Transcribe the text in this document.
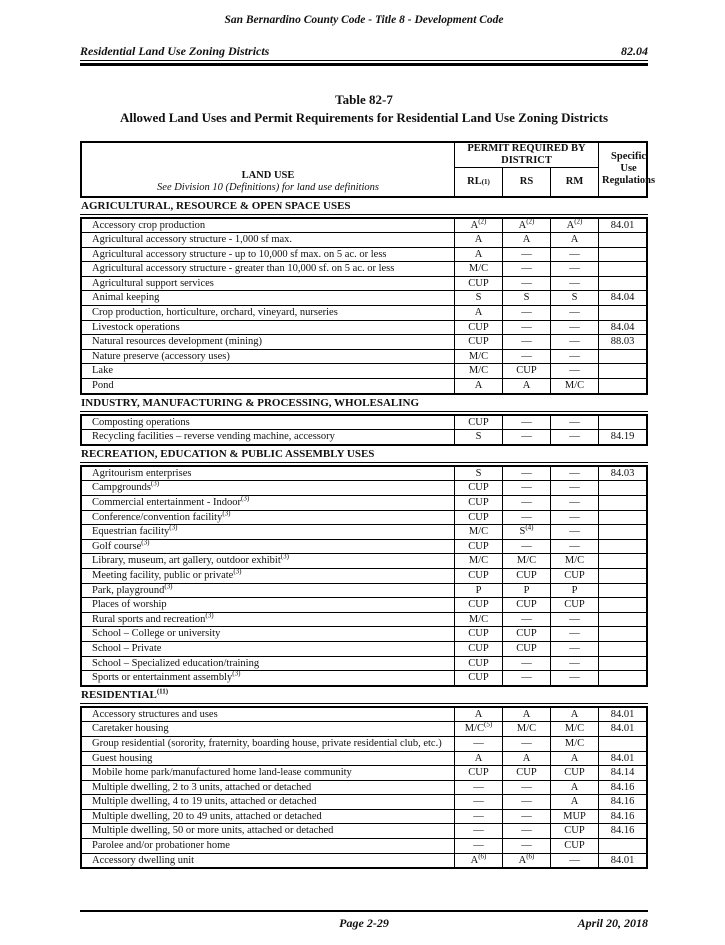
San Bernardino County Code - Title 8 - Development Code
Residential Land Use Zoning Districts	82.04
Table 82-7
Allowed Land Uses and Permit Requirements for Residential Land Use Zoning Districts
LAND USE
See Division 10 (Definitions) for land use definitions
PERMIT REQUIRED BY DISTRICT
RL (1)	RS	RM
Specific Use Regulations
AGRICULTURAL, RESOURCE & OPEN SPACE USES
Accessory crop production	$A^{(2)}$	$A^{(2)}$	$A^{(2)}$	84.01
Agricultural accessory structure - 1,000 sf max.	A	A	A
Agricultural accessory structure - up to 10,000 sf max. on 5 ac. or less	A	—	—
Agricultural accessory structure - greater than 10,000 sf. on 5 ac. or less	M/C	—	—
Agricultural support services	CUP	—	—
Animal keeping	S	S	S	84.04
Crop production, horticulture, orchard, vineyard, nurseries	A	—	—
Livestock operations	CUP	—	—	84.04
Natural resources development (mining)	CUP	—	—	88.03
Nature preserve (accessory uses)	M/C	—	—
Lake	M/C	CUP	—
Pond	A	A	M/C
INDUSTRY, MANUFACTURING & PROCESSING, WHOLESALING
Composting operations	CUP	—	—
Recycling facilities – reverse vending machine, accessory	S	—	—	84.19
RECREATION, EDUCATION & PUBLIC ASSEMBLY USES
Agritourism enterprises	S	—	—	84.03
Campgrounds$^{(3)}$	CUP	—	—
Commercial entertainment - Indoor$^{(3)}$	CUP	—	—
Conference/convention facility$^{(3)}$	CUP	—	—
Equestrian facility$^{(3)}$	M/C	$S^{(4)}$	—
Golf course$^{(3)}$	CUP	—	—
Library, museum, art gallery, outdoor exhibit$^{(3)}$	M/C	M/C	M/C
Meeting facility, public or private$^{(3)}$	CUP	CUP	CUP
Park, playground$^{(3)}$	P	P	P
Places of worship	CUP	CUP	CUP
Rural sports and recreation$^{(3)}$	M/C	—	—
School – College or university	CUP	CUP	—
School – Private	CUP	CUP	—
School – Specialized education/training	CUP	—	—
Sports or entertainment assembly$^{(3)}$	CUP	—	—
RESIDENTIAL$^{(11)}$
Accessory structures and uses	A	A	A	84.01
Caretaker housing	$M/C^{(5)}$	M/C	M/C	84.01
Group residential (sorority, fraternity, boarding house, private residential club, etc.)	—	—	M/C
Guest housing	A	A	A	84.01
Mobile home park/manufactured home land-lease community	CUP	CUP	CUP	84.14
Multiple dwelling, 2 to 3 units, attached or detached	—	—	A	84.16
Multiple dwelling, 4 to 19 units, attached or detached	—	—	A	84.16
Multiple dwelling, 20 to 49 units, attached or detached	—	—	MUP	84.16
Multiple dwelling, 50 or more units, attached or detached	—	—	CUP	84.16
Parolee and/or probationer home	—	—	CUP
Accessory dwelling unit	$A^{(6)}$	$A^{(6)}$	—	84.01
Page 2-29	April 20, 2018
